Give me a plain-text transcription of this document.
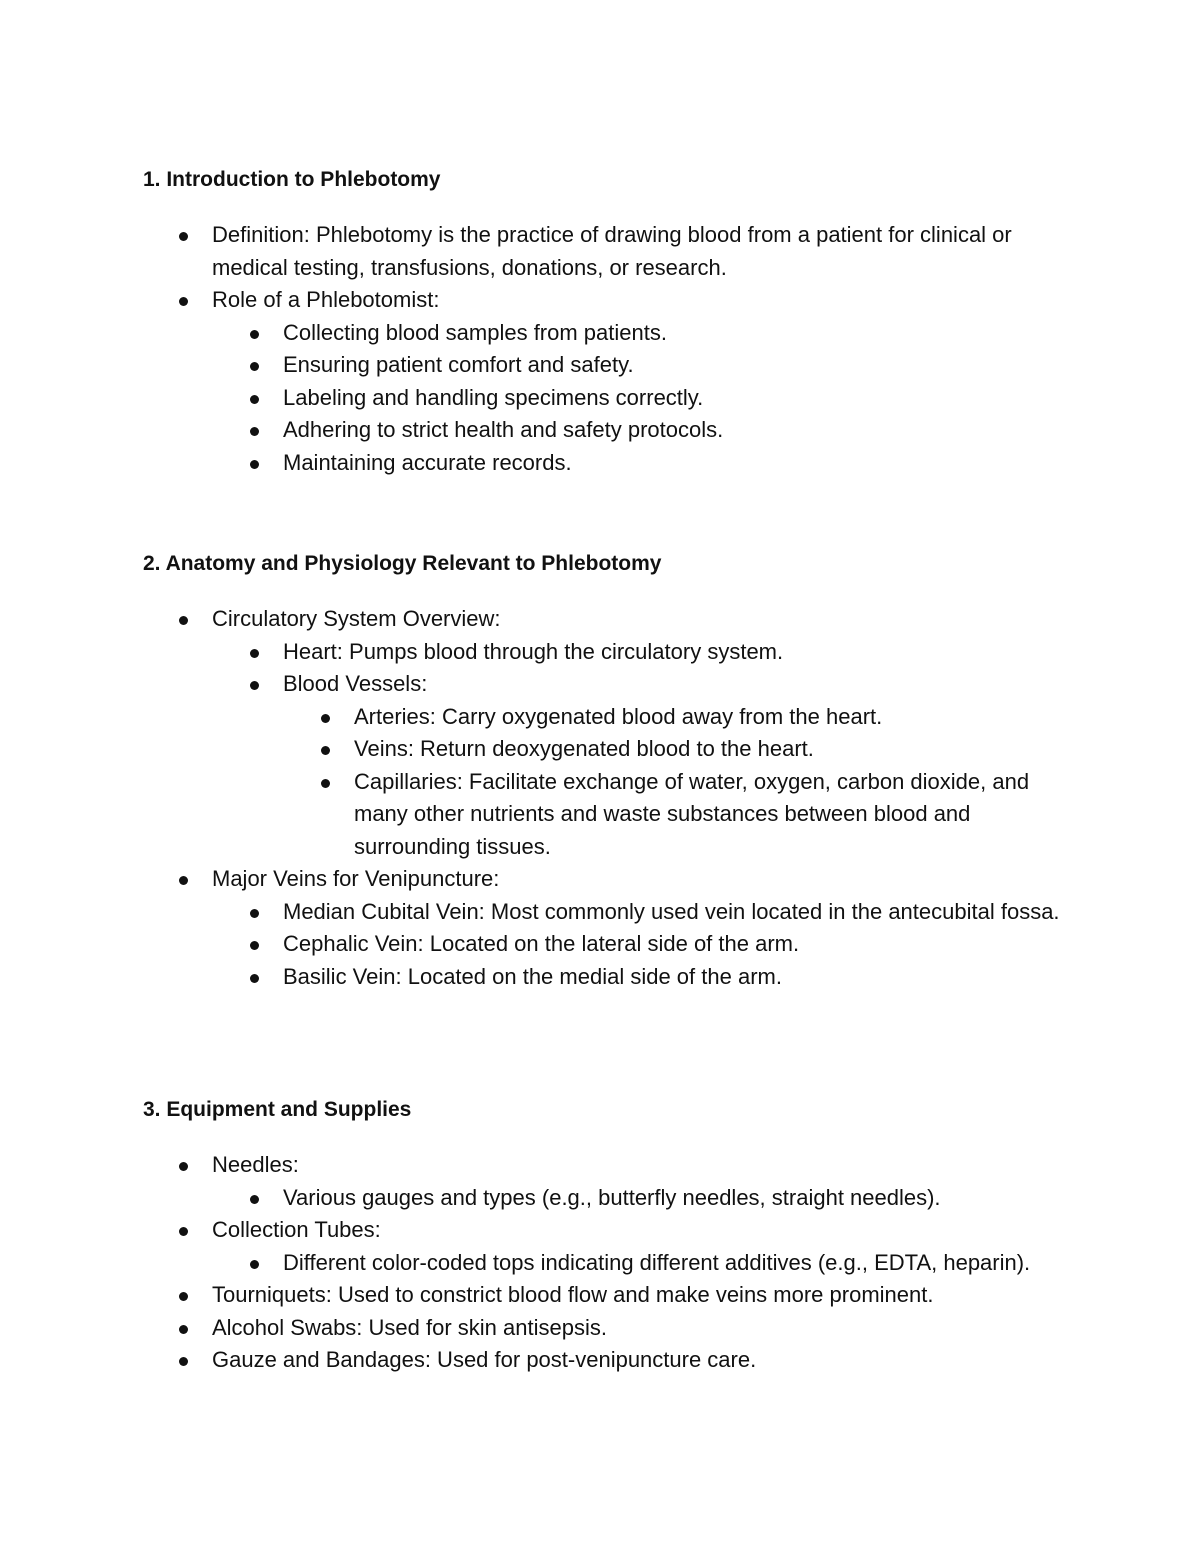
1. Introduction to Phlebotomy
Definition: Phlebotomy is the practice of drawing blood from a patient for clinical or medical testing, transfusions, donations, or research.
Role of a Phlebotomist:
Collecting blood samples from patients.
Ensuring patient comfort and safety.
Labeling and handling specimens correctly.
Adhering to strict health and safety protocols.
Maintaining accurate records.
2. Anatomy and Physiology Relevant to Phlebotomy
Circulatory System Overview:
Heart: Pumps blood through the circulatory system.
Blood Vessels:
Arteries: Carry oxygenated blood away from the heart.
Veins: Return deoxygenated blood to the heart.
Capillaries: Facilitate exchange of water, oxygen, carbon dioxide, and many other nutrients and waste substances between blood and surrounding tissues.
Major Veins for Venipuncture:
Median Cubital Vein: Most commonly used vein located in the antecubital fossa.
Cephalic Vein: Located on the lateral side of the arm.
Basilic Vein: Located on the medial side of the arm.
3. Equipment and Supplies
Needles:
Various gauges and types (e.g., butterfly needles, straight needles).
Collection Tubes:
Different color-coded tops indicating different additives (e.g., EDTA, heparin).
Tourniquets: Used to constrict blood flow and make veins more prominent.
Alcohol Swabs: Used for skin antisepsis.
Gauze and Bandages: Used for post-venipuncture care.
